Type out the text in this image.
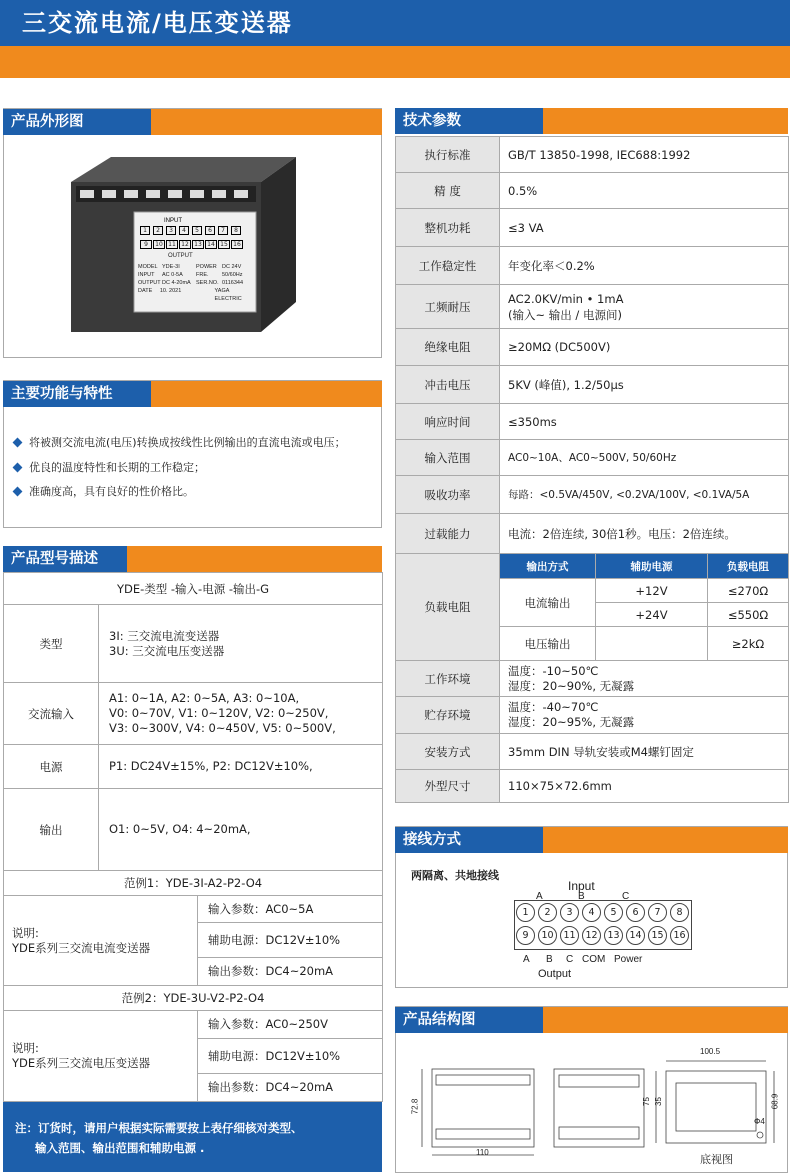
三交流电流/电压变送器
产品外形图
INPUT
1	2	3	4	5	6	7	8
9	10 11 12 13 14 15 16
OUTPUT
MODEL YDE-3I	POWER DC 24V
INPUT	AC 0-5A	FRE.	50/60Hz
OUTPUT DC 4-20mA SER.NO. 0116344
DATE	10. 2021	YAGA ELECTRIC
主要功能与特性
将被测交流电流(电压)转换成按线性比例输出的直流电流或电压；
优良的温度特性和长期的工作稳定；
准确度高，具有良好的性价格比。
产品型号描述
YDE-类型 -输入-电源 -输出-G		
类型	3I: 三交流电流变送器
3U: 三交流电压变送器	

交流输入	A1: 0~1A, A2: 0~5A, A3: 0~10A,
V0: 0~70V, V1: 0~120V, V2: 0~250V,
V3: 0~300V, V4: 0~450V, V5: 0~500V,	

电源	P1: DC24V±15%, P2: DC12V±10%,	
输出	O1: 0~5V, O4: 4~20mA,	
范例1：YDE-3I-A2-P2-O4		

说明:
YDE系列三交流电流变送器		输入参数：AC0~5A
		辅助电源：DC12V±10%
		输出参数：DC4~20mA
范例2：YDE-3U-V2-P2-O4		

说明:
YDE系列三交流电压变送器		输入参数：AC0~250V
		辅助电源：DC12V±10%
		输出参数：DC4~20mA
注：订货时，请用户根据实际需要按上表仔细核对类型、
输入范围、输出范围和辅助电源 .
技术参数
执行标准	GB/T 13850-1998, IEC688:1992		
精 度	0.5%		
整机功耗	≤3 VA		
工作稳定性	年变化率＜0.2%		
工频耐压	AC2.0KV/min • 1mA
(输入~ 输出 / 电源间)		

绝缘电阻	≥20MΩ (DC500V)		
冲击电压	5KV (峰值), 1.2/50μs		
响应时间	≤350ms		
输入范围	AC0~10A、AC0~500V, 50/60Hz		
吸收功率	每路：<0.5VA/450V, <0.2VA/100V, <0.1VA/5A		
过载能力	电流：2倍连续, 30倍1秒。电压：2倍连续。		
负载电阻	输出方式	辅助电源	负载电阻
	电流输出	+12V	≤270Ω
		+24V	≤550Ω
	电压输出		≥2kΩ
工作环境	温度：-10~50℃
湿度：20~90%, 无凝露		

贮存环境	温度：-40~70℃
湿度：20~95%, 无凝露		

安装方式	35mm DIN 导轨安装或M4螺钉固定		
外型尺寸	110×75×72.6mm		
接线方式
两隔离、共地接线
Input
A	B	C
1	2	3	4	5	6	7	8
9	10	11	12	13	14	15	16
A B C COM Power
Output
产品结构图
100.5
72.8
110
75 35	68.9
Φ4
底视图
